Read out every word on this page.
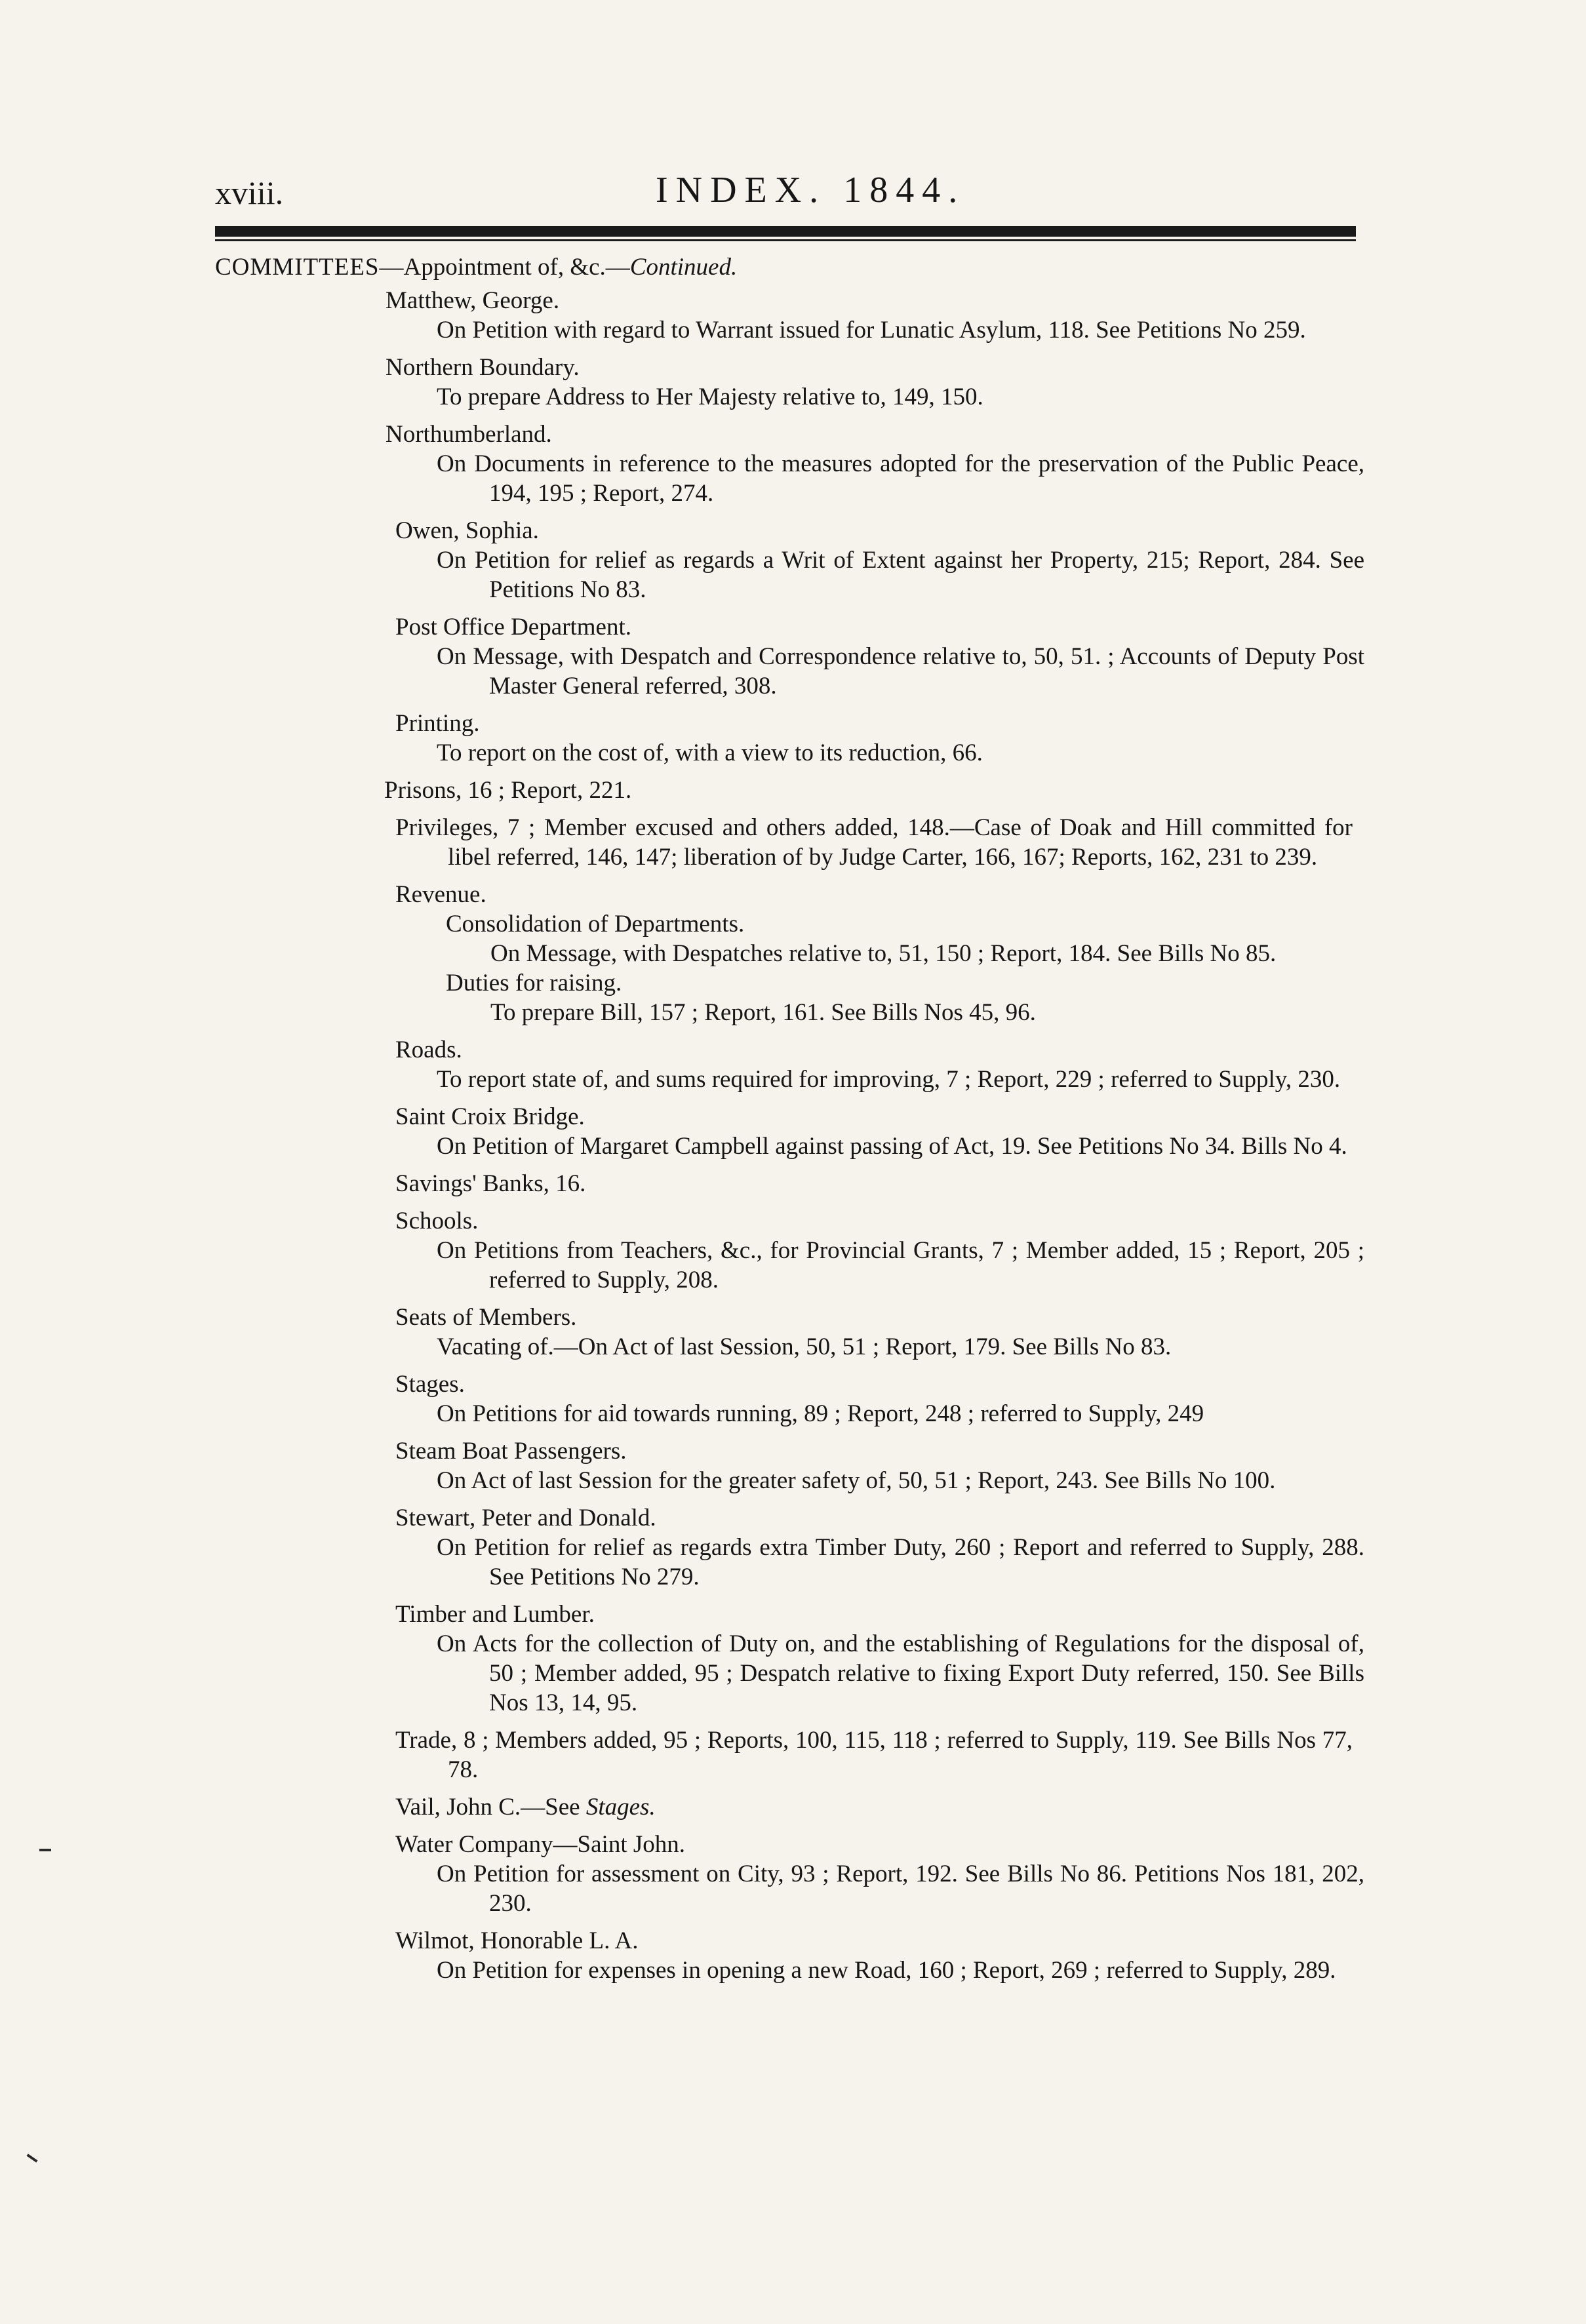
xviii.	INDEX. 1844.
COMMITTEES—Appointment of, &c.—Continued.
Matthew, George.
On Petition with regard to Warrant issued for Lunatic Asylum, 118. See Petitions No 259.
Northern Boundary.
To prepare Address to Her Majesty relative to, 149, 150.
Northumberland.
On Documents in reference to the measures adopted for the preservation of the Public Peace, 194, 195 ; Report, 274.
Owen, Sophia.
On Petition for relief as regards a Writ of Extent against her Property, 215; Report, 284. See Petitions No 83.
Post Office Department.
On Message, with Despatch and Correspondence relative to, 50, 51. ; Accounts of Deputy Post Master General referred, 308.
Printing.
To report on the cost of, with a view to its reduction, 66.
Prisons, 16 ; Report, 221.
Privileges, 7 ; Member excused and others added, 148.—Case of Doak and Hill committed for libel referred, 146, 147; liberation of by Judge Carter, 166, 167; Reports, 162, 231 to 239.
Revenue.
Consolidation of Departments.
On Message, with Despatches relative to, 51, 150 ; Report, 184. See Bills No 85.
Duties for raising.
To prepare Bill, 157 ; Report, 161. See Bills Nos 45, 96.
Roads.
To report state of, and sums required for improving, 7 ; Report, 229 ; referred to Supply, 230.
Saint Croix Bridge.
On Petition of Margaret Campbell against passing of Act, 19. See Petitions No 34. Bills No 4.
Savings' Banks, 16.
Schools.
On Petitions from Teachers, &c., for Provincial Grants, 7 ; Member added, 15 ; Report, 205 ; referred to Supply, 208.
Seats of Members.
Vacating of.—On Act of last Session, 50, 51 ; Report, 179. See Bills No 83.
Stages.
On Petitions for aid towards running, 89 ; Report, 248 ; referred to Supply, 249
Steam Boat Passengers.
On Act of last Session for the greater safety of, 50, 51 ; Report, 243. See Bills No 100.
Stewart, Peter and Donald.
On Petition for relief as regards extra Timber Duty, 260 ; Report and referred to Supply, 288. See Petitions No 279.
Timber and Lumber.
On Acts for the collection of Duty on, and the establishing of Regulations for the disposal of, 50 ; Member added, 95 ; Despatch relative to fixing Export Duty referred, 150. See Bills Nos 13, 14, 95.
Trade, 8 ; Members added, 95 ; Reports, 100, 115, 118 ; referred to Supply, 119. See Bills Nos 77, 78.
Vail, John C.—See Stages.
Water Company—Saint John.
On Petition for assessment on City, 93 ; Report, 192. See Bills No 86. Petitions Nos 181, 202, 230.
Wilmot, Honorable L. A.
On Petition for expenses in opening a new Road, 160 ; Report, 269 ; referred to Supply, 289.
